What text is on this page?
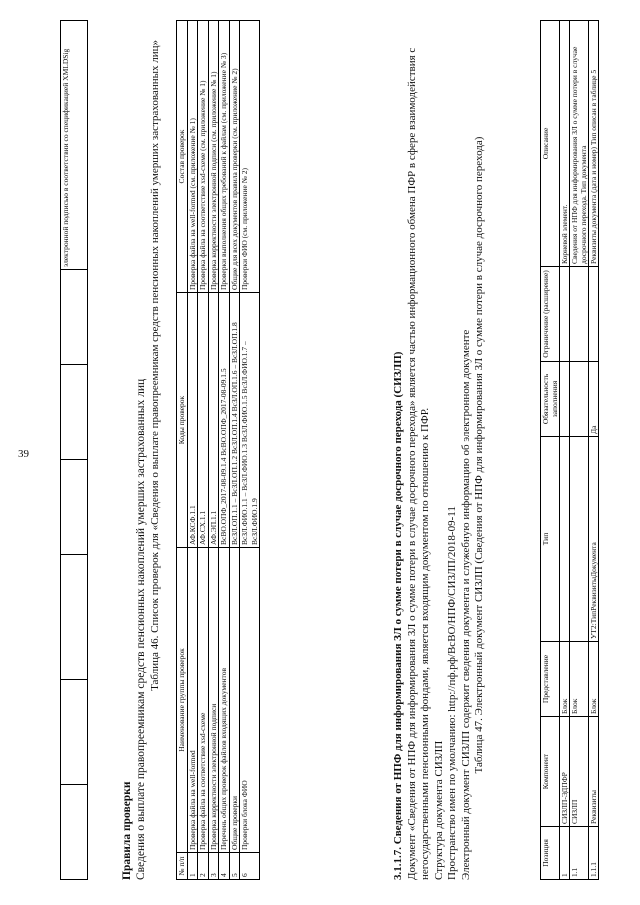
39
						электронной подписью в соответствии со спецификацией XMLDSig
Правила проверки Сведения о выплате правопреемникам средств пенсионных накоплений умерших застрахованных лиц Таблица 46. Список проверок для «Сведения о выплате правопреемникам средств пенсионных накоплений умерших застрахованных лиц»
№ п/п	Наименование группы проверок	Коды проверок	Состав проверок
1	Проверка файла на well-formed	АФ.КСФ.1.1	Проверка файла на well-formed (см. приложение № 1)
2	Проверка файла на соответствие xsd-схеме	АФ.СХ.1.1	Проверка файла на соответствие xsd-схеме (см. приложение № 1)
3	Проверка корректности электронной подписи	АФ.ЭП.1.1	Проверка корректности электронной подписи (см. приложение № 1)
4	Перечень общих проверок файлов входящих документов	ВсВО.ОПФ_2017-08-09.1.4 ВсВО.ОПФ_2017-08-09.1.5	Проверки выполнения общих требований к файлам (см. приложение № 3)
5	Общие проверки	ВсЗЛ.ОП.1.1 – ВсЗЛ.ОП.1.2 ВсЗЛ.ОП.1.4 ВсЗЛ.ОП.1.6 – ВсЗЛ.ОП.1.8	Общие для всех документов правила проверки (см. приложение № 2)
6	Проверки блока ФИО	ВсЗЛ.ФИО.1.1 – ВсЗЛ.ФИО.1.3 ВсЗЛ.ФИО.1.5 ВсЗЛ.ФИО.1.7 – ВсЗЛ.ФИО.1.9	Проверки ФИО (см. приложение № 2)

3.1.1.7. Сведения от НПФ для информирования ЗЛ о сумме потери в случае досрочного перехода (СИЗЛП) Документ «Сведения от НПФ для информирования ЗЛ о сумме потери в случае досрочного перехода» является частью информационного обмена ПФР в сфере взаимодействия с негосударственными пенсионными фондами, является входящим документом по отношению к ПФР. Структура документа СИЗЛП Пространство имен по умолчанию: http://пф.рф/ВсВО/НПФ/СИЗЛП/2018-09-11 Электронный документ СИЗЛП содержит сведения документа и служебную информацию об электронном документе Таблица 47. Электронный документ СИЗЛП (Сведения от НПФ для информирования ЗЛ о сумме потери в случае досрочного перехода)

Позиция	Компонент	Представление	Тип	Обязательность заполнения	Ограничение (расширение)	Описание
1	СИЗЛП-ЭДПФР	Блок				Корневой элемент.
1.1	СИЗЛП	Блок				Сведения от НПФ для информирования ЗЛ о сумме потери в случае досрочного перехода. Тип документа
1.1.1	Реквизиты	Блок	УТ2:ТипРеквизитыДокумента	Да		Реквизиты документа (дата и номер) Тип описан в таблице 5
